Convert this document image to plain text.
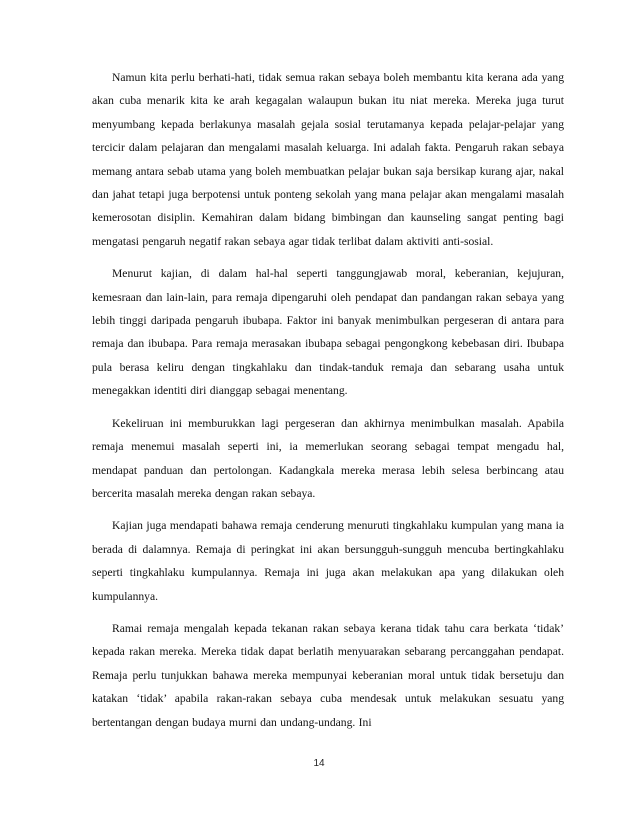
Namun kita perlu berhati-hati, tidak semua rakan sebaya boleh membantu kita kerana ada yang akan cuba menarik kita ke arah kegagalan walaupun bukan itu niat mereka. Mereka juga turut menyumbang kepada berlakunya masalah gejala sosial terutamanya kepada pelajar-pelajar yang tercicir dalam pelajaran dan mengalami masalah keluarga. Ini adalah fakta. Pengaruh rakan sebaya memang antara sebab utama yang boleh membuatkan pelajar bukan saja bersikap kurang ajar, nakal dan jahat tetapi juga berpotensi untuk ponteng sekolah yang mana pelajar akan mengalami masalah kemerosotan disiplin. Kemahiran dalam bidang bimbingan dan kaunseling sangat penting bagi mengatasi pengaruh negatif rakan sebaya agar tidak terlibat dalam aktiviti anti-sosial.

Menurut kajian, di dalam hal-hal seperti tanggungjawab moral, keberanian, kejujuran, kemesraan dan lain-lain, para remaja dipengaruhi oleh pendapat dan pandangan rakan sebaya yang lebih tinggi daripada pengaruh ibubapa. Faktor ini banyak menimbulkan pergeseran di antara para remaja dan ibubapa. Para remaja merasakan ibubapa sebagai pengongkong kebebasan diri. Ibubapa pula berasa keliru dengan tingkahlaku dan tindak-tanduk remaja dan sebarang usaha untuk menegakkan identiti diri dianggap sebagai menentang.

Kekeliruan ini memburukkan lagi pergeseran dan akhirnya menimbulkan masalah. Apabila remaja menemui masalah seperti ini, ia memerlukan seorang sebagai tempat mengadu hal, mendapat panduan dan pertolongan. Kadangkala mereka merasa lebih selesa berbincang atau bercerita masalah mereka dengan rakan sebaya.

Kajian juga mendapati bahawa remaja cenderung menuruti tingkahlaku kumpulan yang mana ia berada di dalamnya. Remaja di peringkat ini akan bersungguh-sungguh mencuba bertingkahlaku seperti tingkahlaku kumpulannya. Remaja ini juga akan melakukan apa yang dilakukan oleh kumpulannya.

Ramai remaja mengalah kepada tekanan rakan sebaya kerana tidak tahu cara berkata ‘tidak’ kepada rakan mereka. Mereka tidak dapat berlatih menyuarakan sebarang percanggahan pendapat. Remaja perlu tunjukkan bahawa mereka mempunyai keberanian moral untuk tidak bersetuju dan katakan ‘tidak’ apabila rakan-rakan sebaya cuba mendesak untuk melakukan sesuatu yang bertentangan dengan budaya murni dan undang-undang. Ini

14
